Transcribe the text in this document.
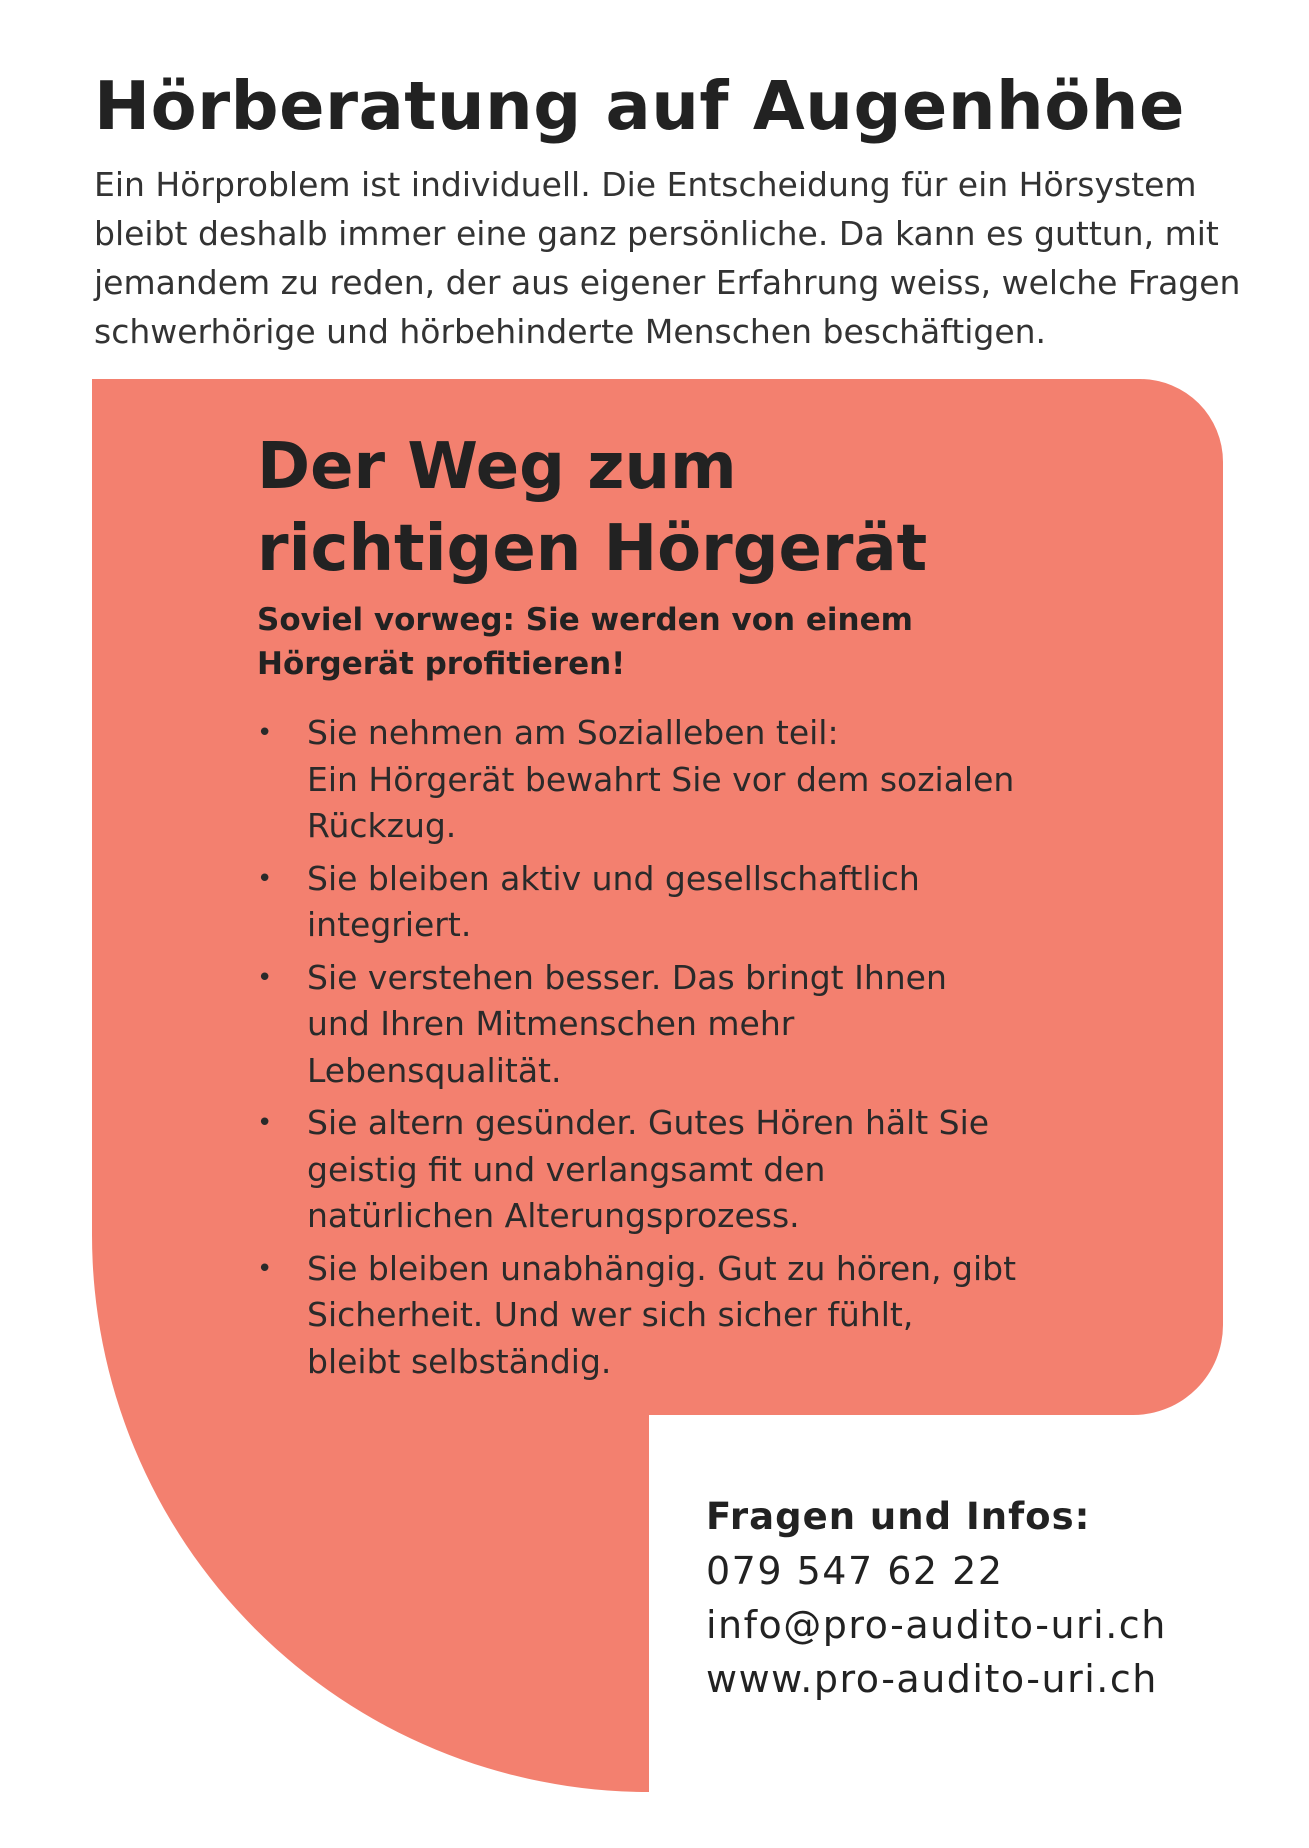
Hörberatung auf Augenhöhe

Ein Hörproblem ist individuell. Die Entscheidung für ein Hörsystem bleibt deshalb immer eine ganz persönliche. Da kann es guttun, mit jemandem zu reden, der aus eigener Erfahrung weiss, welche Fragen schwerhörige und hörbehinderte Menschen beschäftigen.

Der Weg zum richtigen Hörgerät
Soviel vorweg: Sie werden von einem Hörgerät profitieren!
• Sie nehmen am Sozialleben teil:
Ein Hörgerät bewahrt Sie vor dem sozialen Rückzug.
• Sie bleiben aktiv und gesellschaftlich integriert.
• Sie verstehen besser. Das bringt Ihnen und Ihren Mitmenschen mehr Lebensqualität.
• Sie altern gesünder. Gutes Hören hält Sie geistig fit und verlangsamt den natürlichen Alterungsprozess.
• Sie bleiben unabhängig. Gut zu hören, gibt Sicherheit. Und wer sich sicher fühlt, bleibt selbständig.
Fragen und Infos:
079 547 62 22
info@pro-audito-uri.ch
www.pro-audito-uri.ch
